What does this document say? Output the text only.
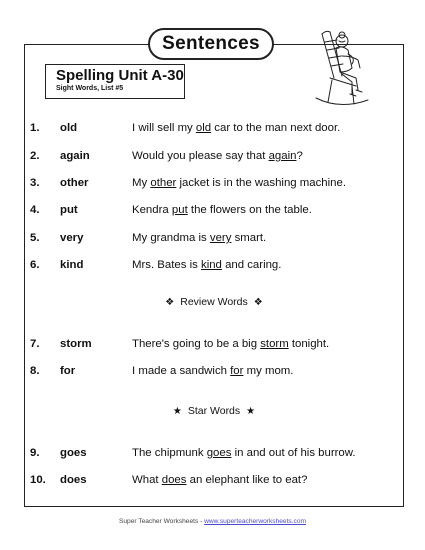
Sentences
Spelling Unit A-30
Sight Words, List #5
1. old	I will sell my old car to the man next door.
2. again	Would you please say that again?
3. other	My other jacket is in the washing machine.
4. put	Kendra put the flowers on the table.
5. very	My grandma is very smart.
6. kind	Mrs. Bates is kind and caring.
❖ Review Words ❖
7. storm	There's going to be a big storm tonight.
8. for	I made a sandwich for my mom.
★ Star Words ★
9. goes	The chipmunk goes in and out of his burrow.
10. does	What does an elephant like to eat?
Super Teacher Worksheets - www.superteacherworksheets.com
